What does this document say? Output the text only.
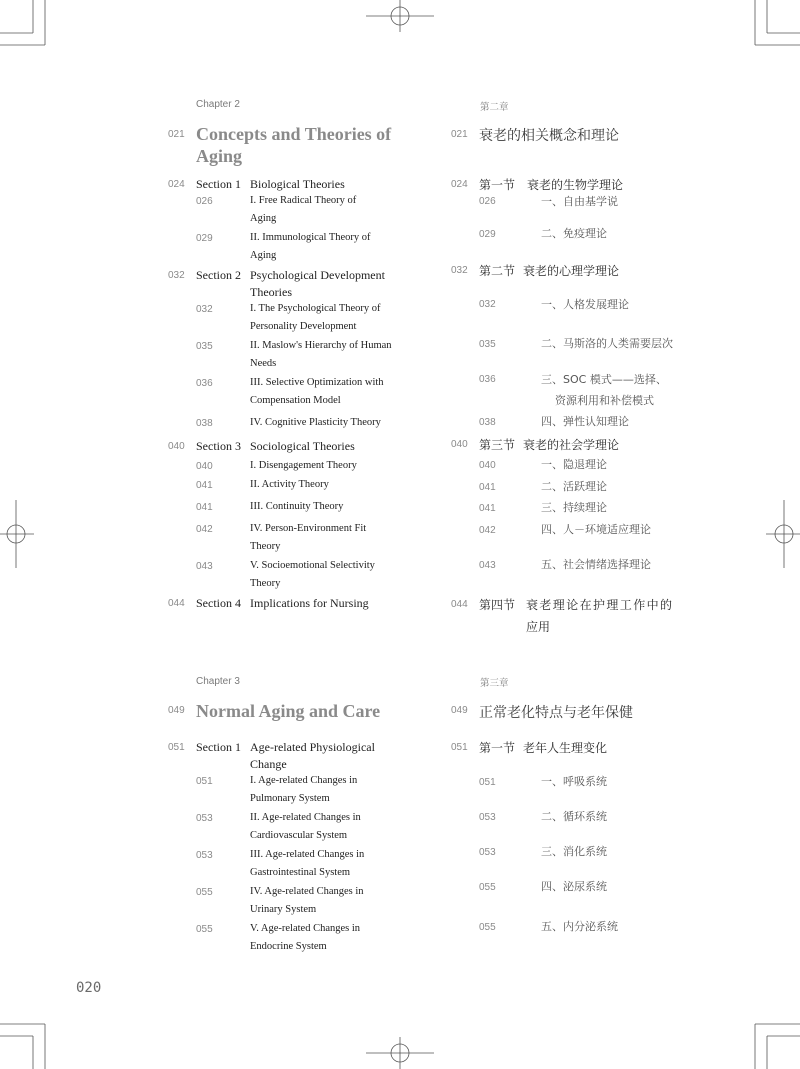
Chapter 2	第二章
021 Concepts and Theories of
Aging
021 衰老的相关概念和理论
024 Section 1 Biological Theories	024 第一节 衰老的生物学理论
026	I. Free Radical Theory of
Aging
026	一、自由基学说
029	II. Immunological Theory of
Aging
029	二、免疫理论
032 Section 2 Psychological Development
Theories
032 第二节 衰老的心理学理论
032	I. The Psychological Theory of
Personality Development
032	一、人格发展理论
035	II. Maslow's Hierarchy of Human
Needs
035	二、马斯洛的人类需要层次
036	III. Selective Optimization with
Compensation Model
036	三、SOC 模式——选择、
资源利用和补偿模式
038	IV. Cognitive Plasticity Theory	038	四、弹性认知理论
040 Section 3 Sociological Theories	040 第三节 衰老的社会学理论
040	I. Disengagement Theory	040	一、隐退理论
041	II. Activity Theory	041	二、活跃理论
041	III. Continuity Theory	041	三、持续理论
042	IV. Person-Environment Fit
Theory
042	四、人－环境适应理论
043	V. Socioemotional Selectivity
Theory
043	五、社会情绪选择理论
044 Section 4 Implications for Nursing	044 第四节 衰老理论在护理工作中的
应用
Chapter 3	第三章
049 Normal Aging and Care	049 正常老化特点与老年保健
051 Section 1 Age-related Physiological
Change
051 第一节 老年人生理变化
051	I. Age-related Changes in
Pulmonary System
051	一、呼吸系统
053	II. Age-related Changes in
Cardiovascular System
053	二、循环系统
053	III. Age-related Changes in
Gastrointestinal System
053	三、消化系统
055	IV. Age-related Changes in
Urinary System
055	四、泌尿系统
055	V. Age-related Changes in
Endocrine System
055	五、内分泌系统
020
